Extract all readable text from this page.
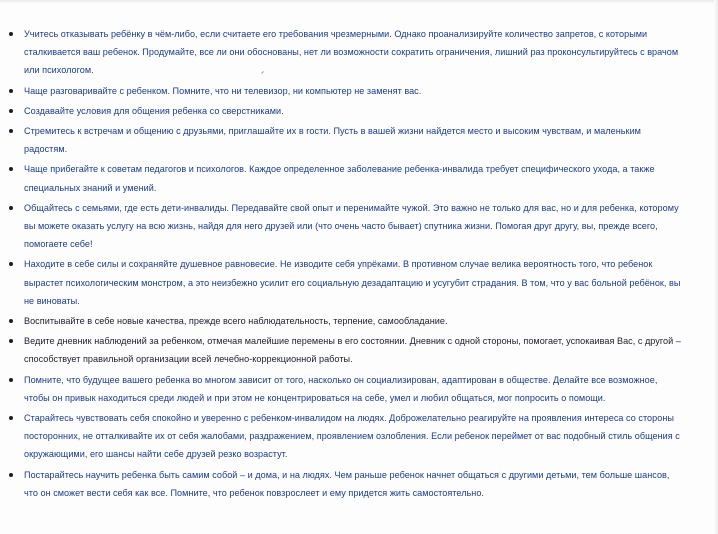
Учитесь отказывать ребёнку в чём-либо, если считаете его требования чрезмерными. Однако проанализируйте количество запретов, с которыми сталкивается ваш ребенок. Продумайте, все ли они обоснованы, нет ли возможности сократить ограничения, лишний раз проконсультируйтесь с врачом или психологом.
Чаще разговаривайте с ребенком. Помните, что ни телевизор, ни компьютер не заменят вас.
Создавайте условия для общения ребенка со сверстниками.
Стремитесь к встречам и общению с друзьями, приглашайте их в гости. Пусть в вашей жизни найдется место и высоким чувствам, и маленьким радостям.
Чаще прибегайте к советам педагогов и психологов. Каждое определенное заболевание ребенка-инвалида требует специфического ухода, а также специальных знаний и умений.
Общайтесь с семьями, где есть дети-инвалиды. Передавайте свой опыт и перенимайте чужой. Это важно не только для вас, но и для ребенка, которому вы можете оказать услугу на всю жизнь, найдя для него друзей или (что очень часто бывает) спутника жизни. Помогая друг другу, вы, прежде всего, помогаете себе!
Находите в себе силы и сохраняйте душевное равновесие. Не изводите себя упрёками. В противном случае велика вероятность того, что ребенок вырастет психологическим монстром, а это неизбежно усилит его социальную дезадаптацию и усугубит страдания. В том, что у вас больной ребёнок, вы не виноваты.
Воспитывайте в себе новые качества, прежде всего наблюдательность, терпение, самообладание.
Ведите дневник наблюдений за ребенком, отмечая малейшие перемены в его состоянии. Дневник с одной стороны, помогает, успокаивая Вас, с другой – способствует правильной организации всей лечебно-коррекционной работы.
Помните, что будущее вашего ребенка во многом зависит от того, насколько он социализирован, адаптирован в обществе. Делайте все возможное, чтобы он привык находиться среди людей и при этом не концентрироваться на себе, умел и любил общаться, мог попросить о помощи.
Старайтесь чувствовать себя спокойно и уверенно с ребенком-инвалидом на людях. Доброжелательно реагируйте на проявления интереса со стороны посторонних, не отталкивайте их от себя жалобами, раздражением, проявлением озлобления. Если ребенок переймет от вас подобный стиль общения с окружающими, его шансы найти себе друзей резко возрастут.
Постарайтесь научить ребенка быть самим собой – и дома, и на людях. Чем раньше ребенок начнет общаться с другими детьми, тем больше шансов, что он сможет вести себя как все. Помните, что ребенок повзрослеет и ему придется жить самостоятельно.
